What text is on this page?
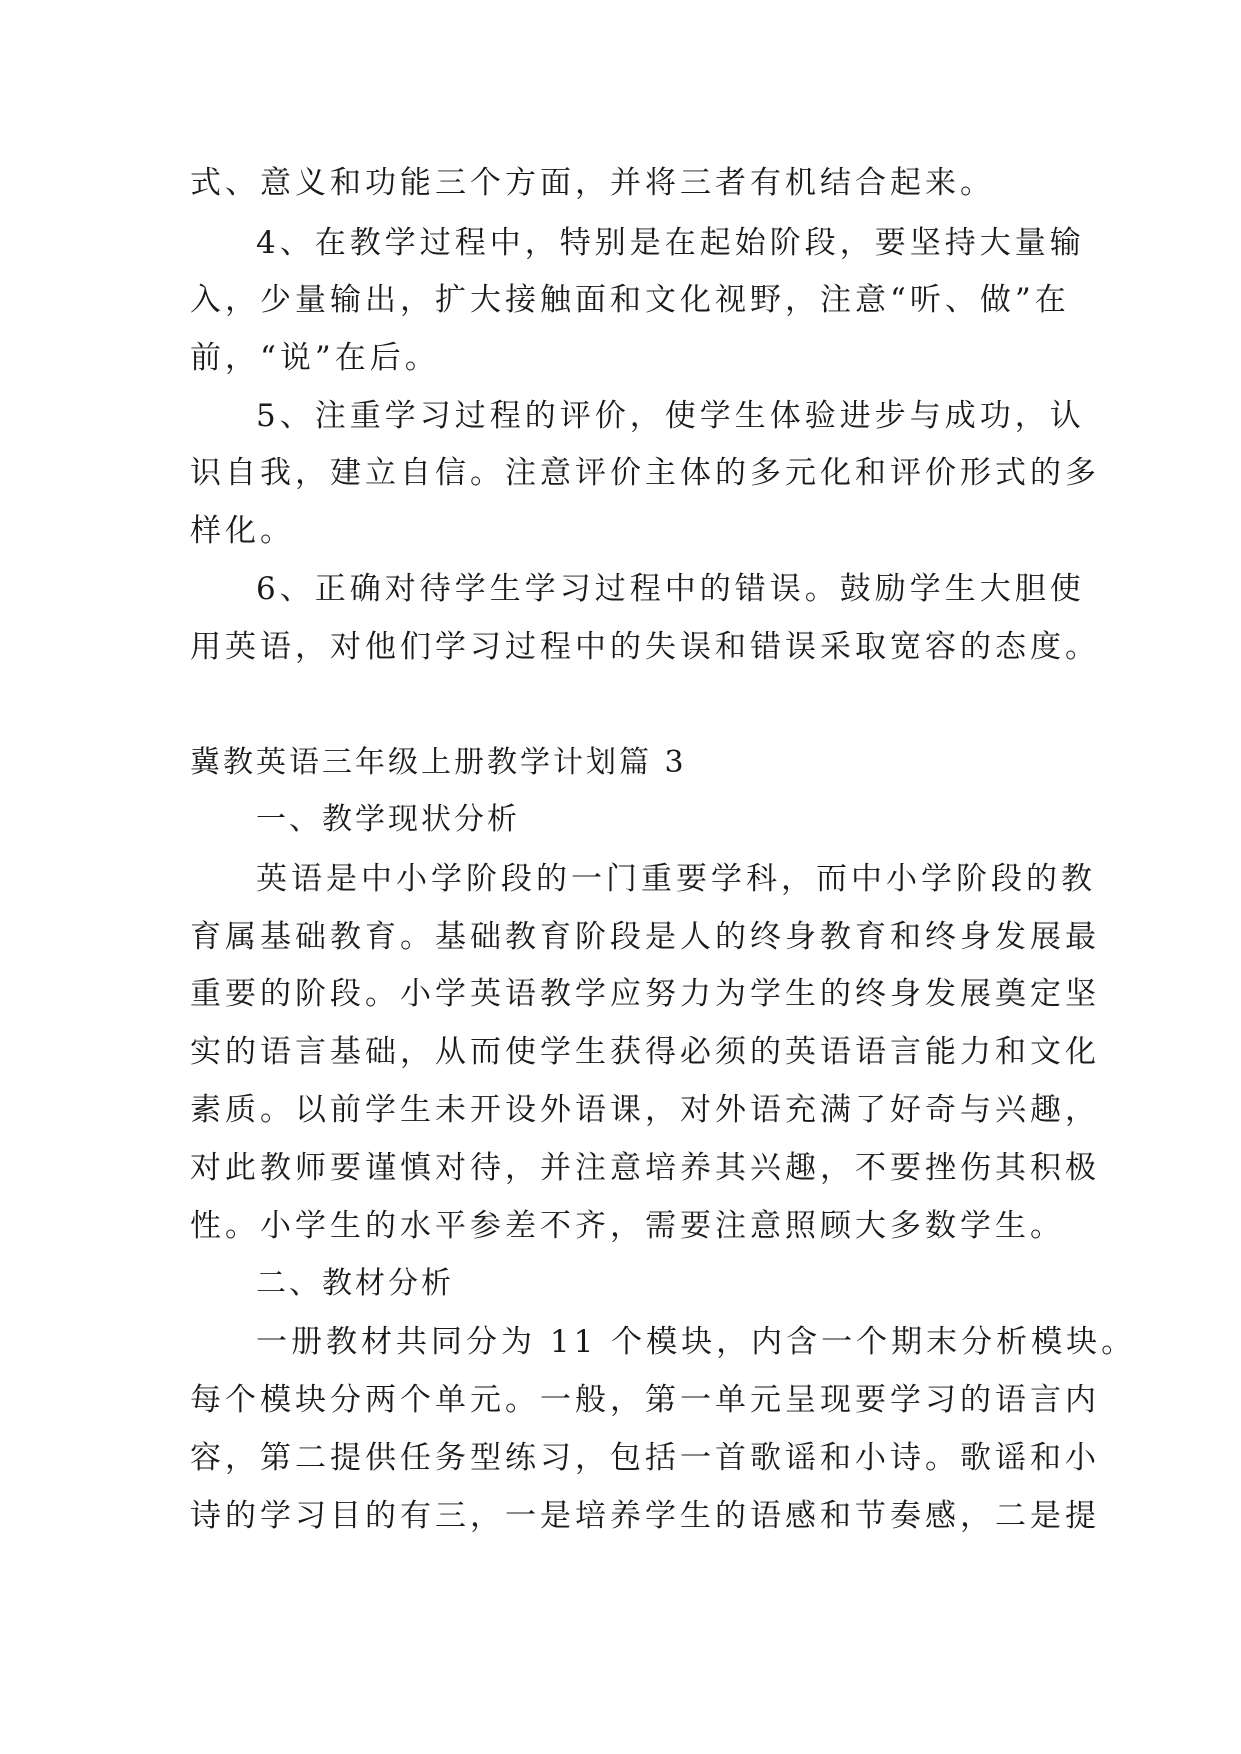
式、意义和功能三个方面，并将三者有机结合起来。
4、在教学过程中，特别是在起始阶段，要坚持大量输
入，少量输出，扩大接触面和文化视野，注意“听、做”在
前，“说”在后。
5、注重学习过程的评价，使学生体验进步与成功，认
识自我，建立自信。注意评价主体的多元化和评价形式的多
样化。
6、正确对待学生学习过程中的错误。鼓励学生大胆使
用英语，对他们学习过程中的失误和错误采取宽容的态度。
冀教英语三年级上册教学计划篇 3
一、教学现状分析
英语是中小学阶段的一门重要学科，而中小学阶段的教
育属基础教育。基础教育阶段是人的终身教育和终身发展最
重要的阶段。小学英语教学应努力为学生的终身发展奠定坚
实的语言基础，从而使学生获得必须的英语语言能力和文化
素质。以前学生未开设外语课，对外语充满了好奇与兴趣，
对此教师要谨慎对待，并注意培养其兴趣，不要挫伤其积极
性。小学生的水平参差不齐，需要注意照顾大多数学生。
二、教材分析
一册教材共同分为 11 个模块，内含一个期末分析模块。
每个模块分两个单元。一般，第一单元呈现要学习的语言内
容，第二提供任务型练习，包括一首歌谣和小诗。歌谣和小
诗的学习目的有三，一是培养学生的语感和节奏感，二是提
